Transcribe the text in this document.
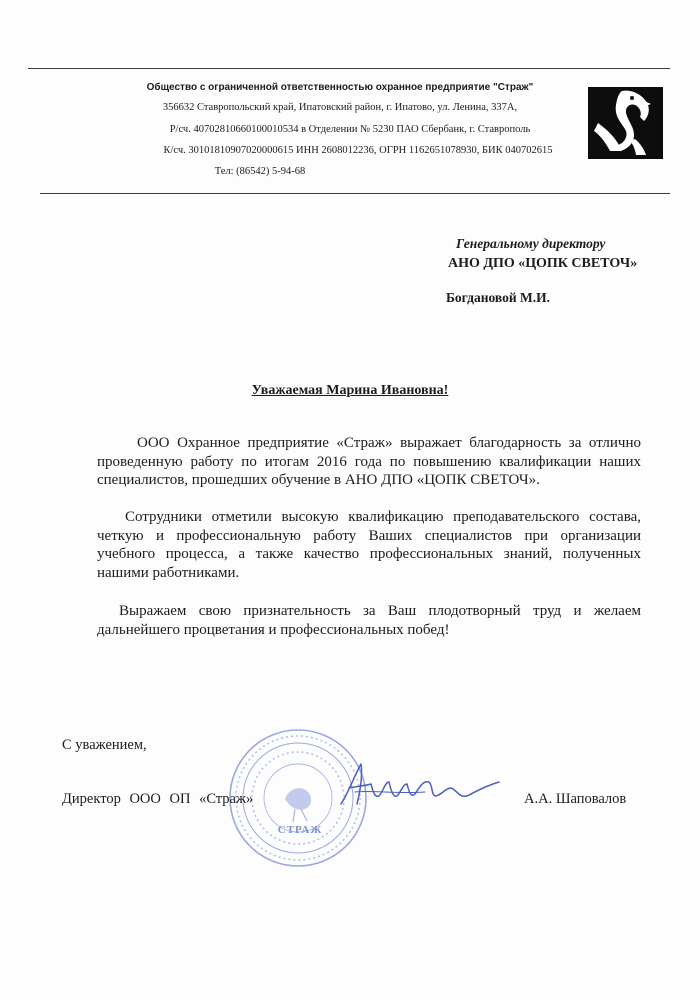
Общество с ограниченной ответственностью охранное предприятие "Страж"
356632 Ставропольский край, Ипатовский район, г. Ипатово, ул. Ленина, 337А,
Р/сч. 40702810660100010534 в Отделении № 5230 ПАО Сбербанк, г. Ставрополь
К/сч. 30101810907020000615 ИНН 2608012236, ОГРН 1162651078930, БИК 040702615
Тел: (86542) 5-94-68
Генеральному директору
АНО ДПО «ЦОПК СВЕТОЧ»
Богдановой М.И.
Уважаемая Марина Ивановна!
ООО Охранное предприятие «Страж» выражает благодарность за отлично проведенную работу по итогам 2016 года по повышению квалификации наших специалистов, прошедших обучение в АНО ДПО «ЦОПК СВЕТОЧ».
Сотрудники отметили высокую квалификацию преподавательского состава, четкую и профессиональную работу Ваших специалистов при организации учебного процесса, а также качество профессиональных знаний, полученных нашими работниками.
Выражаем свою признательность за Ваш плодотворный труд и желаем дальнейшего процветания и профессиональных побед!
С уважением,
СТРАЖ
Директор ООО ОП «Страж»	А.А. Шаповалов
